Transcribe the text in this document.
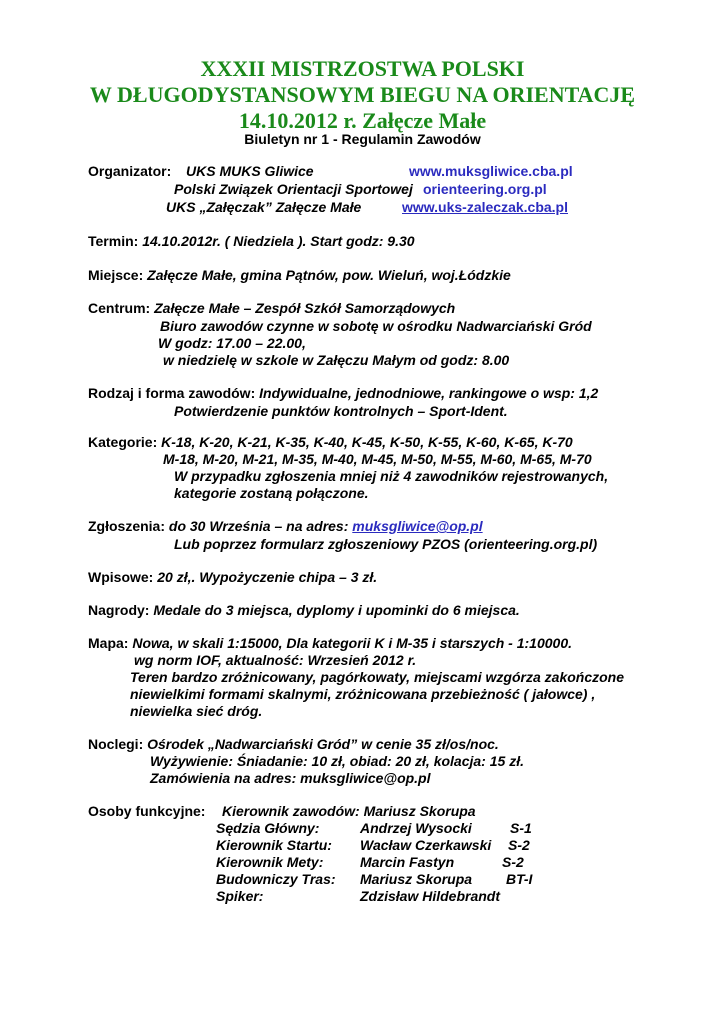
XXXII MISTRZOSTWA POLSKI
W DŁUGODYSTANSOWYM BIEGU NA ORIENTACJĘ
14.10.2012 r. Załęcze Małe
Biuletyn nr 1 - Regulamin Zawodów
Organizator: UKS MUKS Gliwice	www.muksgliwice.cba.pl
Polski Związek Orientacji Sportowej orienteering.org.pl
UKS „Załęczak” Załęcze Małe	www.uks-zaleczak.cba.pl
Termin: 14.10.2012r. ( Niedziela ). Start godz: 9.30
Miejsce: Załęcze Małe, gmina Pątnów, pow. Wieluń, woj.Łódzkie
Centrum: Załęcze Małe – Zespół Szkół Samorządowych
Biuro zawodów czynne w sobotę w ośrodku Nadwarciański Gród
W godz: 17.00 – 22.00,
w niedzielę w szkole w Załęczu Małym od godz: 8.00
Rodzaj i forma zawodów: Indywidualne, jednodniowe, rankingowe o wsp: 1,2
Potwierdzenie punktów kontrolnych – Sport-Ident.
Kategorie: K-18, K-20, K-21, K-35, K-40, K-45, K-50, K-55, K-60, K-65, K-70
M-18, M-20, M-21, M-35, M-40, M-45, M-50, M-55, M-60, M-65, M-70
W przypadku zgłoszenia mniej niż 4 zawodników rejestrowanych,
kategorie zostaną połączone.
Zgłoszenia: do 30 Września – na adres: muksgliwice@op.pl
Lub poprzez formularz zgłoszeniowy PZOS (orienteering.org.pl)
Wpisowe: 20 zł,. Wypożyczenie chipa – 3 zł.
Nagrody: Medale do 3 miejsca, dyplomy i upominki do 6 miejsca.
Mapa: Nowa, w skali 1:15000, Dla kategorii K i M-35 i starszych - 1:10000.
wg norm IOF, aktualność: Wrzesień 2012 r.
Teren bardzo zróżnicowany, pagórkowaty, miejscami wzgórza zakończone
niewielkimi formami skalnymi, zróżnicowana przebieżność ( jałowce) ,
niewielka sieć dróg.
Noclegi: Ośrodek „Nadwarciański Gród” w cenie 35 zł/os/noc.
Wyżywienie: Śniadanie: 10 zł, obiad: 20 zł, kolacja: 15 zł.
Zamówienia na adres: muksgliwice@op.pl
Osoby funkcyjne: Kierownik zawodów: Mariusz Skorupa
Sędzia Główny:	Andrzej Wysocki	S-1
Kierownik Startu: Wacław Czerkawski S-2
Kierownik Mety:	Marcin Fastyn	S-2
Budowniczy Tras: Mariusz Skorupa BT-I
Spiker:	Zdzisław Hildebrandt
